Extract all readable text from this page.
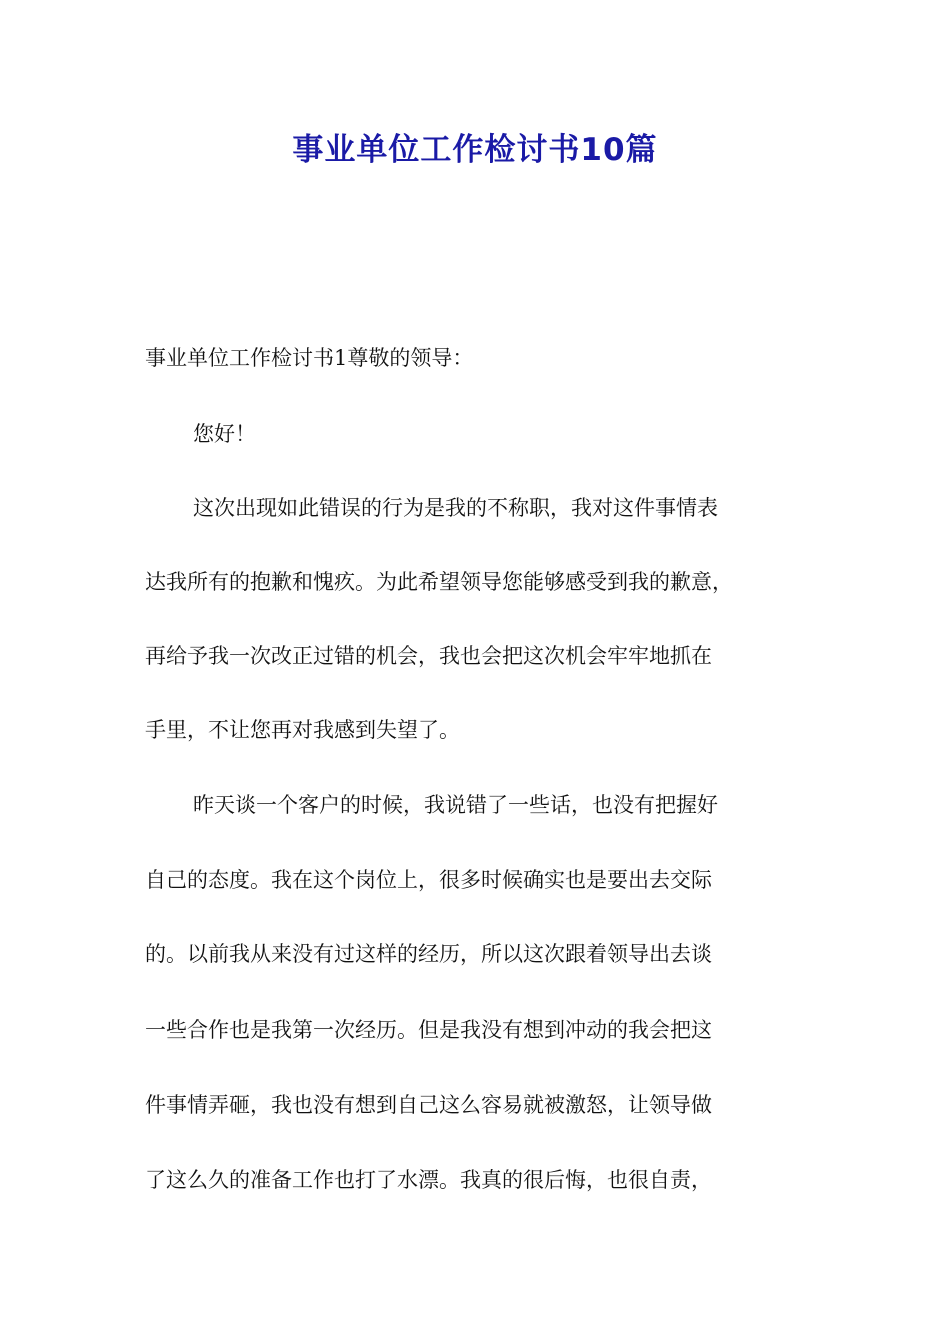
事业单位工作检讨书10篇
事业单位工作检讨书1尊敬的领导：
您好！
这次出现如此错误的行为是我的不称职，我对这件事情表
达我所有的抱歉和愧疚。为此希望领导您能够感受到我的歉意，
再给予我一次改正过错的机会，我也会把这次机会牢牢地抓在
手里，不让您再对我感到失望了。
昨天谈一个客户的时候，我说错了一些话，也没有把握好
自己的态度。我在这个岗位上，很多时候确实也是要出去交际
的。以前我从来没有过这样的经历，所以这次跟着领导出去谈
一些合作也是我第一次经历。但是我没有想到冲动的我会把这
件事情弄砸，我也没有想到自己这么容易就被激怒，让领导做
了这么久的准备工作也打了水漂。我真的很后悔，也很自责，
